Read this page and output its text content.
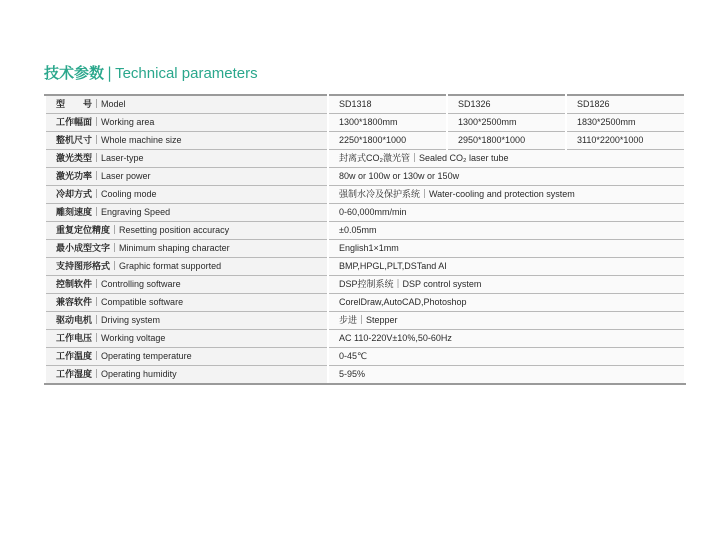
技术参数 | Technical parameters
型　　号｜Model	SD1318	SD1326	SD1826
工作幅面｜Working area	1300*1800mm	1300*2500mm	1830*2500mm
整机尺寸｜Whole machine size	2250*1800*1000	2950*1800*1000	3110*2200*1000
激光类型｜Laser-type	封离式CO₂激光管｜Sealed CO₂ laser tube		
激光功率｜Laser power	80w or 100w or 130w or 150w		
冷却方式｜Cooling mode	强制水冷及保护系统｜Water-cooling and protection system		
雕刻速度｜Engraving Speed	0-60,000mm/min		
重复定位精度｜Resetting position accuracy	±0.05mm		
最小成型文字｜Minimum shaping character	English1×1mm		
支持图形格式｜Graphic format supported	BMP,HPGL,PLT,DSTand AI		
控制软件｜Controlling software	DSP控制系统｜DSP control system		
兼容软件｜Compatible software	CorelDraw,AutoCAD,Photoshop		
驱动电机｜Driving system	步进｜Stepper		
工作电压｜Working voltage	AC 110-220V±10%,50-60Hz		
工作温度｜Operating temperature	0-45℃		
工作湿度｜Operating humidity	5-95%		
